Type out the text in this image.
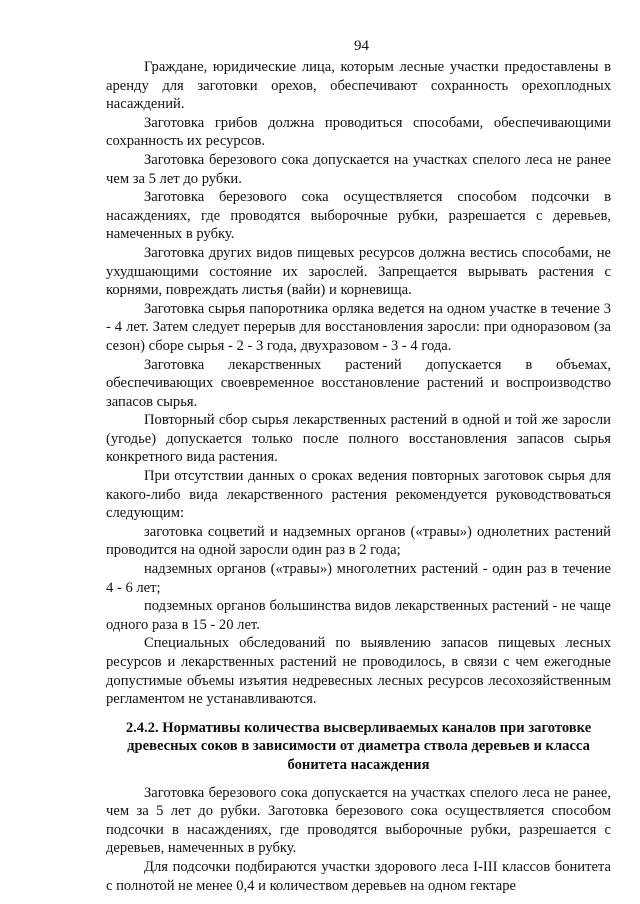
94

Граждане, юридические лица, которым лесные участки предоставлены в аренду для заготовки орехов, обеспечивают сохранность орехоплодных насаждений.

Заготовка грибов должна проводиться способами, обеспечивающими сохранность их ресурсов.

Заготовка березового сока допускается на участках спелого леса не ранее чем за 5 лет до рубки.

Заготовка березового сока осуществляется способом подсочки в насаждениях, где проводятся выборочные рубки, разрешается с деревьев, намеченных в рубку.

Заготовка других видов пищевых ресурсов должна вестись способами, не ухудшающими состояние их зарослей. Запрещается вырывать растения с корнями, повреждать листья (вайи) и корневища.

Заготовка сырья папоротника орляка ведется на одном участке в течение 3 - 4 лет. Затем следует перерыв для восстановления заросли: при одноразовом (за сезон) сборе сырья - 2 - 3 года, двухразовом - 3 - 4 года.

Заготовка лекарственных растений допускается в объемах, обеспечивающих своевременное восстановление растений и воспроизводство запасов сырья.

Повторный сбор сырья лекарственных растений в одной и той же заросли (угодье) допускается только после полного восстановления запасов сырья конкретного вида растения.

При отсутствии данных о сроках ведения повторных заготовок сырья для какого-либо вида лекарственного растения рекомендуется руководствоваться следующим:

заготовка соцветий и надземных органов («травы») однолетних растений проводится на одной заросли один раз в 2 года;

надземных органов («травы») многолетних растений - один раз в течение 4 - 6 лет;

подземных органов большинства видов лекарственных растений - не чаще одного раза в 15 - 20 лет.

Специальных обследований по выявлению запасов пищевых лесных ресурсов и лекарственных растений не проводилось, в связи с чем ежегодные допустимые объемы изъятия недревесных лесных ресурсов лесохозяйственным регламентом не устанавливаются.

2.4.2. Нормативы количества высверливаемых каналов при заготовке древесных соков в зависимости от диаметра ствола деревьев и класса бонитета насаждения

Заготовка березового сока допускается на участках спелого леса не ранее, чем за 5 лет до рубки. Заготовка березового сока осуществляется способом подсочки в насаждениях, где проводятся выборочные рубки, разрешается с деревьев, намеченных в рубку.

Для подсочки подбираются участки здорового леса I-III классов бонитета с полнотой не менее 0,4 и количеством деревьев на одном гектаре
